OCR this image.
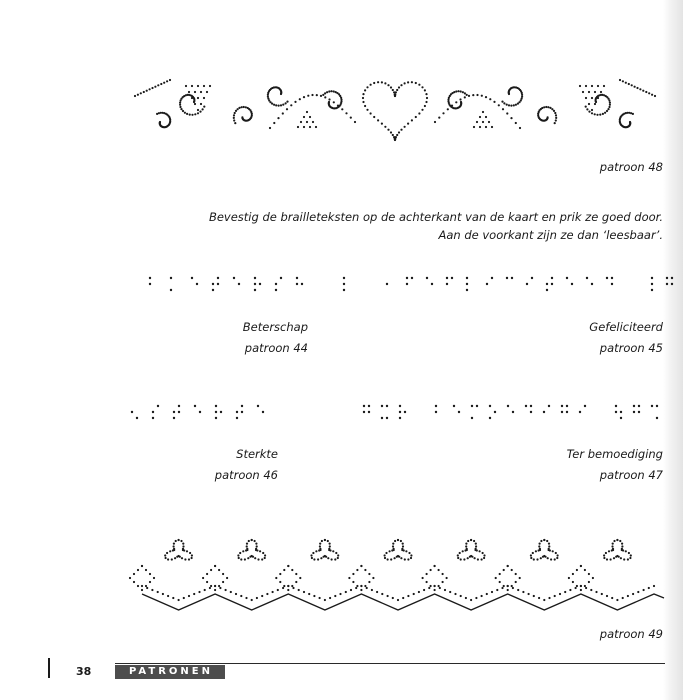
patroon 48
Bevestig de brailleteksten op de achterkant van de kaart en prik ze goed door.
Aan de voorkant zijn ze dan ‘leesbaar’.
Beterschap
patroon 44
Gefeliciteerd
patroon 45
Sterkte
patroon 46
Ter bemoediging
patroon 47
patroon 49
38	PATRONEN
